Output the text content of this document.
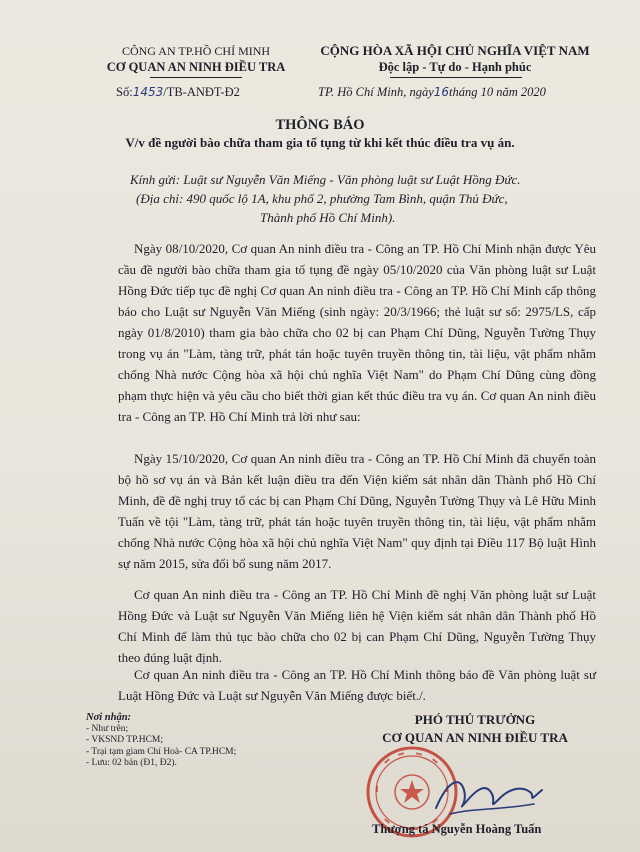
CÔNG AN TP.HỒ CHÍ MINH
CƠ QUAN AN NINH ĐIỀU TRA
Số:1453/TB-ANĐT-Đ2
CỘNG HÒA XÃ HỘI CHỦ NGHĨA VIỆT NAM
Độc lập - Tự do - Hạnh phúc
TP. Hồ Chí Minh, ngày16tháng 10 năm 2020
THÔNG BÁO
V/v đề người bào chữa tham gia tố tụng từ khi kết thúc điều tra vụ án.
Kính gửi: Luật sư Nguyễn Văn Miếng - Văn phòng luật sư Luật Hồng Đức.
(Địa chỉ: 490 quốc lộ 1A, khu phố 2, phường Tam Bình, quận Thủ Đức,
Thành phố Hồ Chí Minh).
Ngày 08/10/2020, Cơ quan An ninh điều tra - Công an TP. Hồ Chí Minh nhận được Yêu cầu đề người bào chữa tham gia tố tụng đề ngày 05/10/2020 của Văn phòng luật sư Luật Hồng Đức tiếp tục đề nghị Cơ quan An ninh điều tra - Công an TP. Hồ Chí Minh cấp thông báo cho Luật sư Nguyễn Văn Miếng (sinh ngày: 20/3/1966; thẻ luật sư số: 2975/LS, cấp ngày 01/8/2010) tham gia bào chữa cho 02 bị can Phạm Chí Dũng, Nguyễn Tường Thụy trong vụ án "Làm, tàng trữ, phát tán hoặc tuyên truyền thông tin, tài liệu, vật phẩm nhằm chống Nhà nước Cộng hòa xã hội chủ nghĩa Việt Nam" do Phạm Chí Dũng cùng đồng phạm thực hiện và yêu cầu cho biết thời gian kết thúc điều tra vụ án. Cơ quan An ninh điều tra - Công an TP. Hồ Chí Minh trả lời như sau:
Ngày 15/10/2020, Cơ quan An ninh điều tra - Công an TP. Hồ Chí Minh đã chuyển toàn bộ hồ sơ vụ án và Bản kết luận điều tra đến Viện kiểm sát nhân dân Thành phố Hồ Chí Minh, đề đề nghị truy tố các bị can Phạm Chí Dũng, Nguyễn Tường Thụy và Lê Hữu Minh Tuấn về tội "Làm, tàng trữ, phát tán hoặc tuyên truyền thông tin, tài liệu, vật phẩm nhằm chống Nhà nước Cộng hòa xã hội chủ nghĩa Việt Nam" quy định tại Điều 117 Bộ luật Hình sự năm 2015, sửa đổi bổ sung năm 2017.
Cơ quan An ninh điều tra - Công an TP. Hồ Chí Minh đề nghị Văn phòng luật sư Luật Hồng Đức và Luật sư Nguyễn Văn Miếng liên hệ Viện kiểm sát nhân dân Thành phố Hồ Chí Minh để làm thủ tục bào chữa cho 02 bị can Phạm Chí Dũng, Nguyễn Tường Thụy theo đúng luật định.
Cơ quan An ninh điều tra - Công an TP. Hồ Chí Minh thông báo đề Văn phòng luật sư Luật Hồng Đức và Luật sư Nguyễn Văn Miếng được biết./.
Nơi nhận:
- Như trên;
- VKSND TP.HCM;
- Trại tạm giam Chí Hoà- CA TP.HCM;
- Lưu: 02 bản (Đ1, Đ2).
PHÓ THỦ TRƯỞNG
CƠ QUAN AN NINH ĐIỀU TRA
Thượng tá Nguyễn Hoàng Tuấn
